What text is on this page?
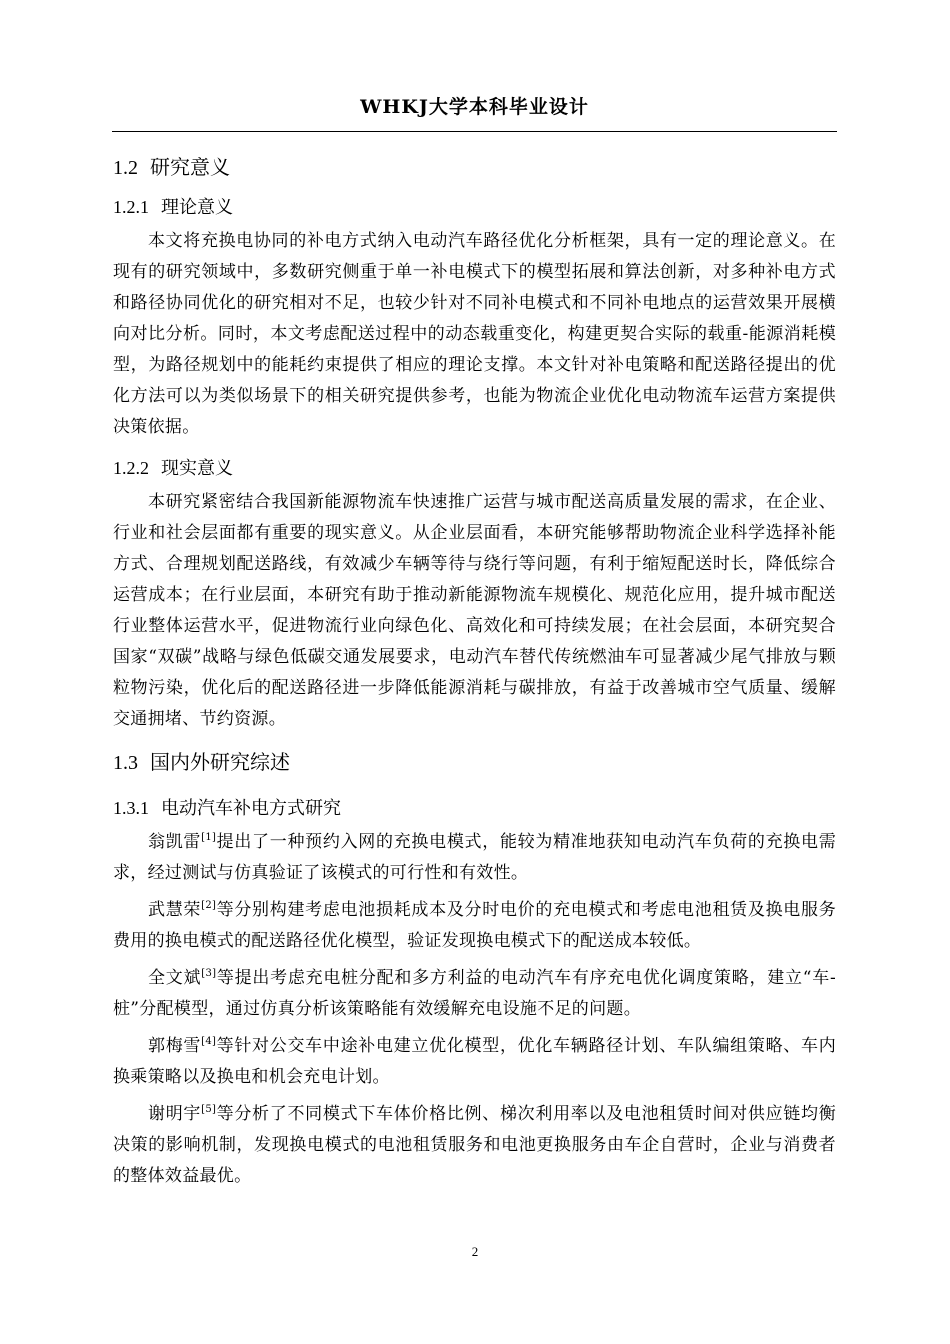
WHKJ大学本科毕业设计
1.2 研究意义
1.2.1 理论意义

本文将充换电协同的补电方式纳入电动汽车路径优化分析框架，具有一定的理论意义。在现有的研究领域中，多数研究侧重于单一补电模式下的模型拓展和算法创新，对多种补电方式和路径协同优化的研究相对不足，也较少针对不同补电模式和不同补电地点的运营效果开展横向对比分析。同时，本文考虑配送过程中的动态载重变化，构建更契合实际的载重-能源消耗模型，为路径规划中的能耗约束提供了相应的理论支撑。本文针对补电策略和配送路径提出的优化方法可以为类似场景下的相关研究提供参考，也能为物流企业优化电动物流车运营方案提供决策依据。

1.2.2 现实意义

本研究紧密结合我国新能源物流车快速推广运营与城市配送高质量发展的需求，在企业、行业和社会层面都有重要的现实意义。从企业层面看，本研究能够帮助物流企业科学选择补能方式、合理规划配送路线，有效减少车辆等待与绕行等问题，有利于缩短配送时长，降低综合运营成本；在行业层面，本研究有助于推动新能源物流车规模化、规范化应用，提升城市配送行业整体运营水平，促进物流行业向绿色化、高效化和可持续发展；在社会层面，本研究契合国家“双碳”战略与绿色低碳交通发展要求，电动汽车替代传统燃油车可显著减少尾气排放与颗粒物污染，优化后的配送路径进一步降低能源消耗与碳排放，有益于改善城市空气质量、缓解交通拥堵、节约资源。

1.3 国内外研究综述
1.3.1 电动汽车补电方式研究

翁凯雷[1]提出了一种预约入网的充换电模式，能较为精准地获知电动汽车负荷的充换电需求，经过测试与仿真验证了该模式的可行性和有效性。

武慧荣[2]等分别构建考虑电池损耗成本及分时电价的充电模式和考虑电池租赁及换电服务费用的换电模式的配送路径优化模型，验证发现换电模式下的配送成本较低。

全文斌[3]等提出考虑充电桩分配和多方利益的电动汽车有序充电优化调度策略，建立“车-桩”分配模型，通过仿真分析该策略能有效缓解充电设施不足的问题。

郭梅雪[4]等针对公交车中途补电建立优化模型，优化车辆路径计划、车队编组策略、车内换乘策略以及换电和机会充电计划。

谢明宇[5]等分析了不同模式下车体价格比例、梯次利用率以及电池租赁时间对供应链均衡决策的影响机制，发现换电模式的电池租赁服务和电池更换服务由车企自营时，企业与消费者的整体效益最优。

2
